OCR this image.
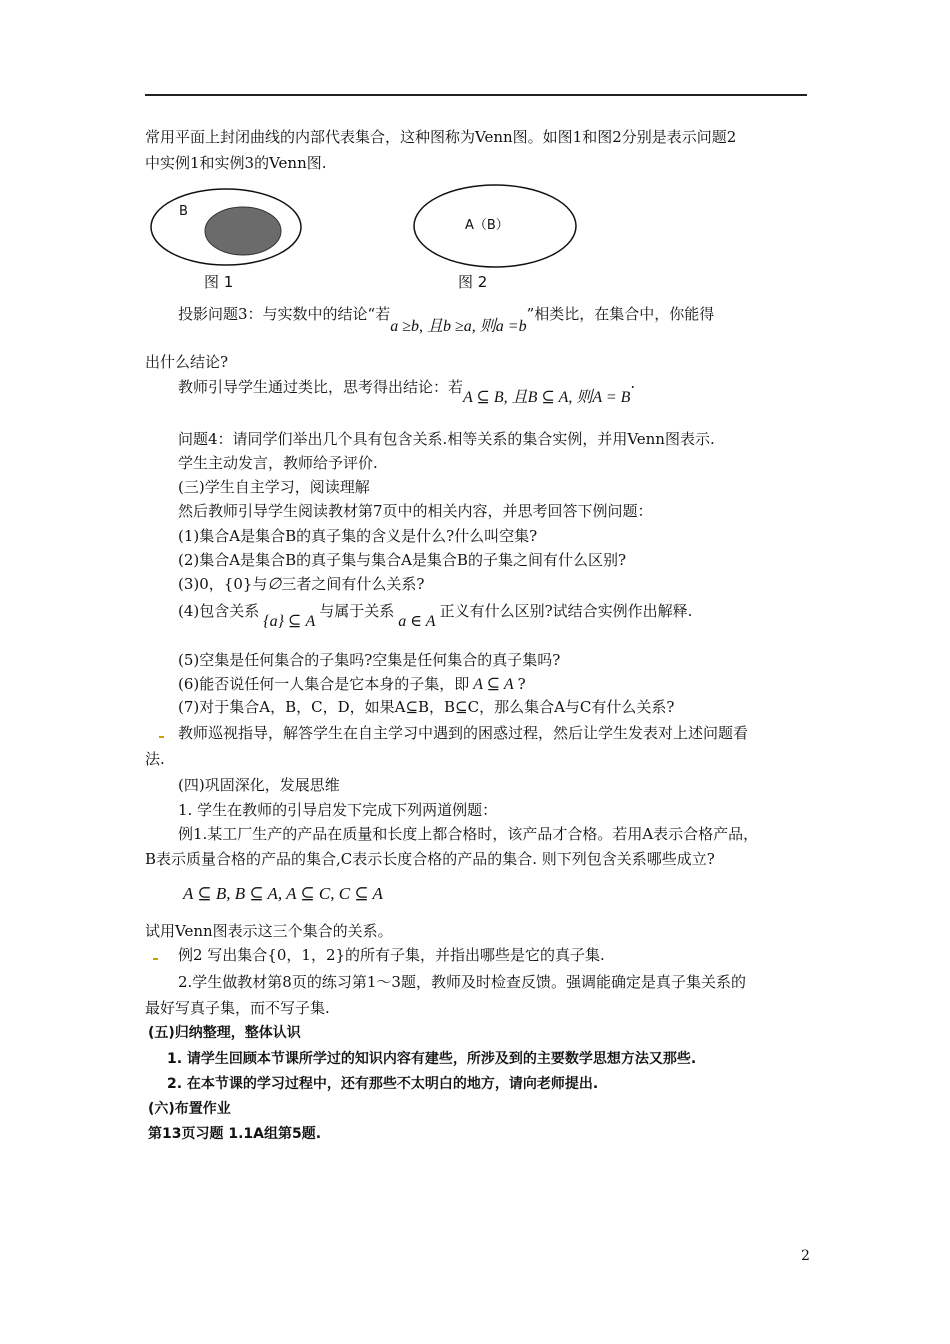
常用平面上封闭曲线的内部代表集合，这种图称为Venn图。如图1和图2分别是表示问题2
中实例1和实例3的Venn图.
B
图 1
A（B）
图 2
投影问题3：与实数中的结论“若a ≥b, 且b ≥a, 则a =b”相类比，在集合中，你能得
出什么结论?
教师引导学生通过类比，思考得出结论：若A ⊆ B, 且B ⊆ A, 则A = B·
问题4：请同学们举出几个具有包含关系.相等关系的集合实例，并用Venn图表示.
学生主动发言，教师给予评价.
(三)学生自主学习，阅读理解
然后教师引导学生阅读教材第7页中的相关内容，并思考回答下例问题：
(1)集合A是集合B的真子集的含义是什么?什么叫空集?
(2)集合A是集合B的真子集与集合A是集合B的子集之间有什么区别?
(3)0，{0}与∅三者之间有什么关系?
(4)包含关系{a} ⊆ A与属于关系a ∈ A正义有什么区别?试结合实例作出解释.
(5)空集是任何集合的子集吗?空集是任何集合的真子集吗?
(6)能否说任何一人集合是它本身的子集，即 A ⊆ A ?
(7)对于集合A，B，C，D，如果A⊆B，B⊆C，那么集合A与C有什么关系?
教师巡视指导，解答学生在自主学习中遇到的困惑过程，然后让学生发表对上述问题看
法.
(四)巩固深化，发展思维
1. 学生在教师的引导启发下完成下列两道例题：
例1.某工厂生产的产品在质量和长度上都合格时，该产品才合格。若用A表示合格产品，
B表示质量合格的产品的集合,C表示长度合格的产品的集合. 则下列包含关系哪些成立?
A ⊆ B, B ⊆ A, A ⊆ C, C ⊆ A
试用Venn图表示这三个集合的关系。
例2 写出集合{0，1，2}的所有子集，并指出哪些是它的真子集.
2.学生做教材第8页的练习第1～3题，教师及时检查反馈。强调能确定是真子集关系的
最好写真子集，而不写子集.
(五)归纳整理，整体认识
1. 请学生回顾本节课所学过的知识内容有建些，所涉及到的主要数学思想方法又那些.
2. 在本节课的学习过程中，还有那些不太明白的地方，请向老师提出.
(六)布置作业
第13页习题 1.1A组第5题.
2
